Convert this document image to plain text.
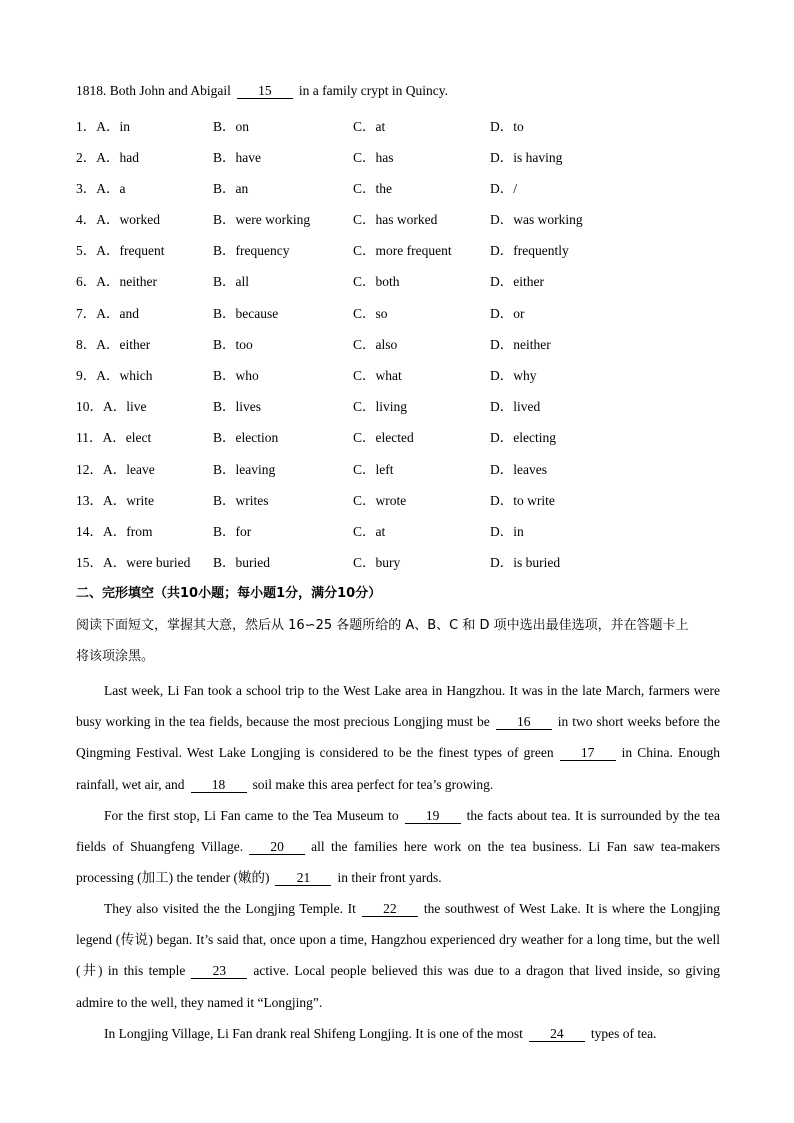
1818. Both John and Abigail 15 in a family crypt in Quincy.
1．A．in	B．on	C．at	D．to
2．A．had	B．have	C．has	D．is having
3．A．a	B．an	C．the	D．/
4．A．worked	B．were working	C．has worked	D．was working
5．A．frequent	B．frequency	C．more frequent	D．frequently
6．A．neither	B．all	C．both	D．either
7．A．and	B．because	C．so	D．or
8．A．either	B．too	C．also	D．neither
9．A．which	B．who	C．what	D．why
10．A．live	B．lives	C．living	D．lived
11．A．elect	B．election	C．elected	D．electing
12．A．leave	B．leaving	C．left	D．leaves
13．A．write	B．writes	C．wrote	D．to write
14．A．from	B．for	C．at	D．in
15．A．were buried B．buried	C．bury	D．is buried
二、完形填空（共10小题；每小题1分，满分10分）
阅读下面短文，掌握其大意，然后从 16∽25 各题所给的 A、B、C 和 D 项中选出最佳选项，并在答题卡上
将该项涂黑。
Last week, Li Fan took a school trip to the West Lake area in Hangzhou. It was in the late March, farmers were busy working in the tea fields, because the most precious Longjing must be 16 in two short weeks before the Qingming Festival. West Lake Longjing is considered to be the finest types of green 17 in China. Enough rainfall, wet air, and 18 soil make this area perfect for tea’s growing.
For the first stop, Li Fan came to the Tea Museum to 19 the facts about tea. It is surrounded by the tea fields of Shuangfeng Village. 20 all the families here work on the tea business. Li Fan saw tea-makers processing (加工) the tender (嫩的) 21 in their front yards.
They also visited the the Longjing Temple. It 22 the southwest of West Lake. It is where the Longjing legend (传说) began. It’s said that, once upon a time, Hangzhou experienced dry weather for a long time, but the well (井) in this temple 23 active. Local people believed this was due to a dragon that lived inside, so giving admire to the well, they named it “Longjing”.
In Longjing Village, Li Fan drank real Shifeng Longjing. It is one of the most 24 types of tea.
